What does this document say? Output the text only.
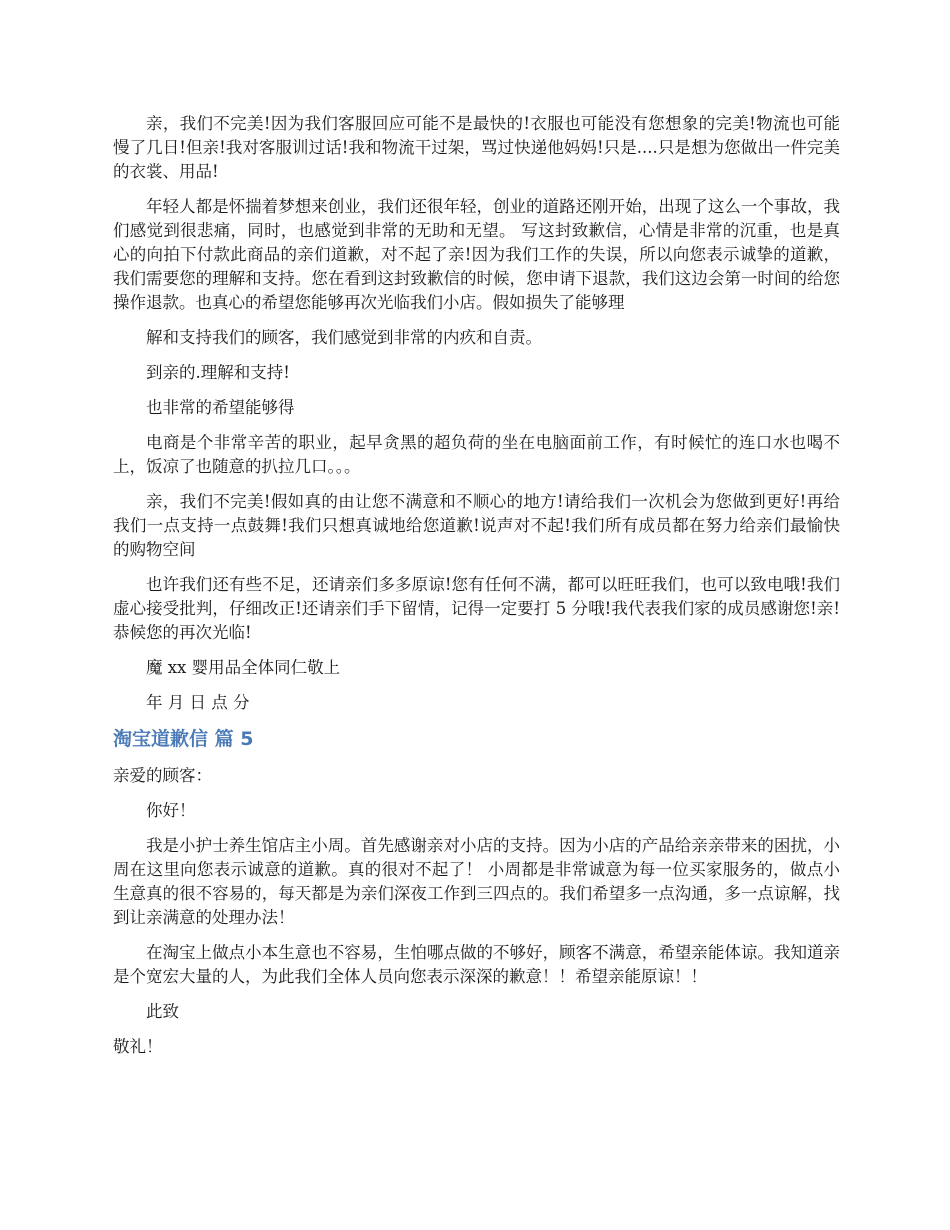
亲，我们不完美!因为我们客服回应可能不是最快的!衣服也可能没有您想象的完美!物流也可能慢了几日!但亲!我对客服训过话!我和物流干过架，骂过快递他妈妈!只是....只是想为您做出一件完美的衣裳、用品!

年轻人都是怀揣着梦想来创业，我们还很年轻，创业的道路还刚开始，出现了这么一个事故，我们感觉到很悲痛，同时，也感觉到非常的无助和无望。 写这封致歉信，心情是非常的沉重，也是真心的向拍下付款此商品的亲们道歉，对不起了亲!因为我们工作的失误，所以向您表示诚挚的道歉，我们需要您的理解和支持。您在看到这封致歉信的时候，您申请下退款，我们这边会第一时间的给您操作退款。也真心的希望您能够再次光临我们小店。假如损失了能够理

解和支持我们的顾客，我们感觉到非常的内疚和自责。

到亲的.理解和支持!

也非常的希望能够得

电商是个非常辛苦的职业，起早贪黑的超负荷的坐在电脑面前工作，有时候忙的连口水也喝不上，饭凉了也随意的扒拉几口。。。

亲，我们不完美!假如真的由让您不满意和不顺心的地方!请给我们一次机会为您做到更好!再给我们一点支持一点鼓舞!我们只想真诚地给您道歉!说声对不起!我们所有成员都在努力给亲们最愉快的购物空间

也许我们还有些不足，还请亲们多多原谅!您有任何不满，都可以旺旺我们，也可以致电哦!我们虚心接受批判，仔细改正!还请亲们手下留情，记得一定要打 5 分哦!我代表我们家的成员感谢您!亲!恭候您的再次光临!

魔 xx 婴用品全体同仁敬上

年 月 日 点 分

淘宝道歉信 篇 5

亲爱的顾客：

你好！

我是小护士养生馆店主小周。首先感谢亲对小店的支持。因为小店的产品给亲亲带来的困扰，小周在这里向您表示诚意的道歉。真的很对不起了！ 小周都是非常诚意为每一位买家服务的，做点小生意真的很不容易的，每天都是为亲们深夜工作到三四点的。我们希望多一点沟通，多一点谅解，找到让亲满意的处理办法！

在淘宝上做点小本生意也不容易，生怕哪点做的不够好，顾客不满意，希望亲能体谅。我知道亲是个宽宏大量的人，为此我们全体人员向您表示深深的歉意！！希望亲能原谅！！

此致

敬礼！
